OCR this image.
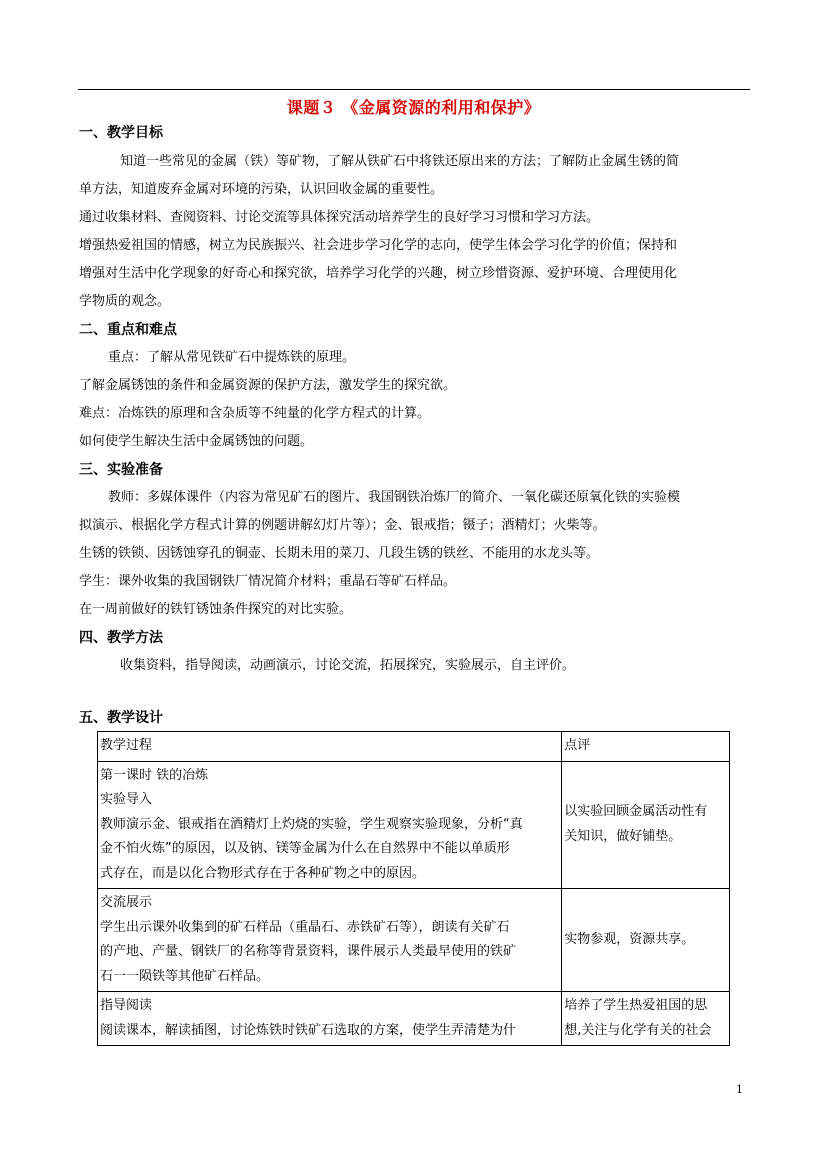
课题３ 《金属资源的利用和保护》
一、教学目标
知道一些常见的金属（铁）等矿物，了解从铁矿石中将铁还原出来的方法；了解防止金属生锈的简
单方法，知道废弃金属对环境的污染，认识回收金属的重要性。
通过收集材料、查阅资料、讨论交流等具体探究活动培养学生的良好学习习惯和学习方法。
增强热爱祖国的情感，树立为民族振兴、社会进步学习化学的志向，使学生体会学习化学的价值；保持和
增强对生活中化学现象的好奇心和探究欲，培养学习化学的兴趣，树立珍惜资源、爱护环境、合理使用化
学物质的观念。
二、重点和难点
重点：了解从常见铁矿石中提炼铁的原理。
了解金属锈蚀的条件和金属资源的保护方法，激发学生的探究欲。
难点：冶炼铁的原理和含杂质等不纯量的化学方程式的计算。
如何使学生解决生活中金属锈蚀的问题。
三、实验准备
教师：多媒体课件（内容为常见矿石的图片、我国钢铁冶炼厂的简介、一氧化碳还原氧化铁的实验模
拟演示、根据化学方程式计算的例题讲解幻灯片等）；金、银戒指；镊子；酒精灯；火柴等。
生锈的铁锁、因锈蚀穿孔的铜壶、长期未用的菜刀、几段生锈的铁丝、不能用的水龙头等。
学生：课外收集的我国钢铁厂情况简介材料；重晶石等矿石样品。
在一周前做好的铁钉锈蚀条件探究的对比实验。
四、教学方法
收集资料，指导阅读，动画演示，讨论交流，拓展探究，实验展示，自主评价。
五、教学设计
教学过程	点评

第一课时 铁的冶炼
实验导入
教师演示金、银戒指在酒精灯上灼烧的实验，学生观察实验现象，分析“真
金不怕火炼”的原因，以及钠、镁等金属为什么在自然界中不能以单质形
式存在，而是以化合物形式存在于各种矿物之中的原因。	以实验回顾金属活动性有
关知识，做好铺垫。

交流展示
学生出示课外收集到的矿石样品（重晶石、赤铁矿石等），朗读有关矿石
的产地、产量、钢铁厂的名称等背景资料，课件展示人类最早使用的铁矿
石一一陨铁等其他矿石样品。	实物参观，资源共享。

指导阅读
阅读课本，解读插图，讨论炼铁时铁矿石选取的方案，使学生弄清楚为什	培养了学生热爱祖国的思
想,关注与化学有关的社会
1
